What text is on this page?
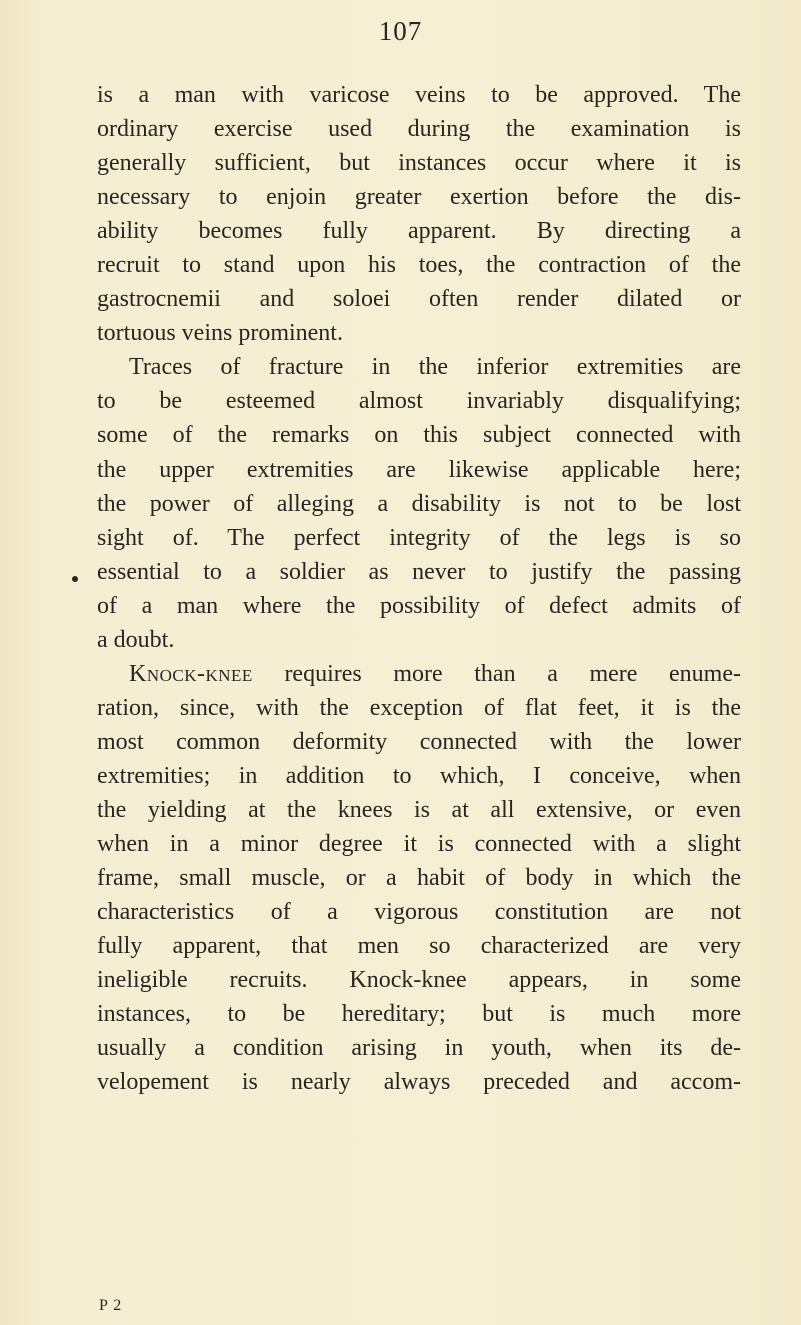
107
is a man with varicose veins to be approved. The
ordinary exercise used during the examination is
generally sufficient, but instances occur where it is
necessary to enjoin greater exertion before the dis-
ability becomes fully apparent. By directing a
recruit to stand upon his toes, the contraction of the
gastrocnemii and soloei often render dilated or
tortuous veins prominent.
Traces of fracture in the inferior extremities are
to be esteemed almost invariably disqualifying;
some of the remarks on this subject connected with
the upper extremities are likewise applicable here;
the power of alleging a disability is not to be lost
sight of. The perfect integrity of the legs is so
essential to a soldier as never to justify the passing
of a man where the possibility of defect admits of
a doubt.
Knock-knee requires more than a mere enume-
ration, since, with the exception of flat feet, it is the
most common deformity connected with the lower
extremities; in addition to which, I conceive, when
the yielding at the knees is at all extensive, or even
when in a minor degree it is connected with a slight
frame, small muscle, or a habit of body in which the
characteristics of a vigorous constitution are not
fully apparent, that men so characterized are very
ineligible recruits. Knock-knee appears, in some
instances, to be hereditary; but is much more
usually a condition arising in youth, when its de-
velopement is nearly always preceded and accom-
P 2
